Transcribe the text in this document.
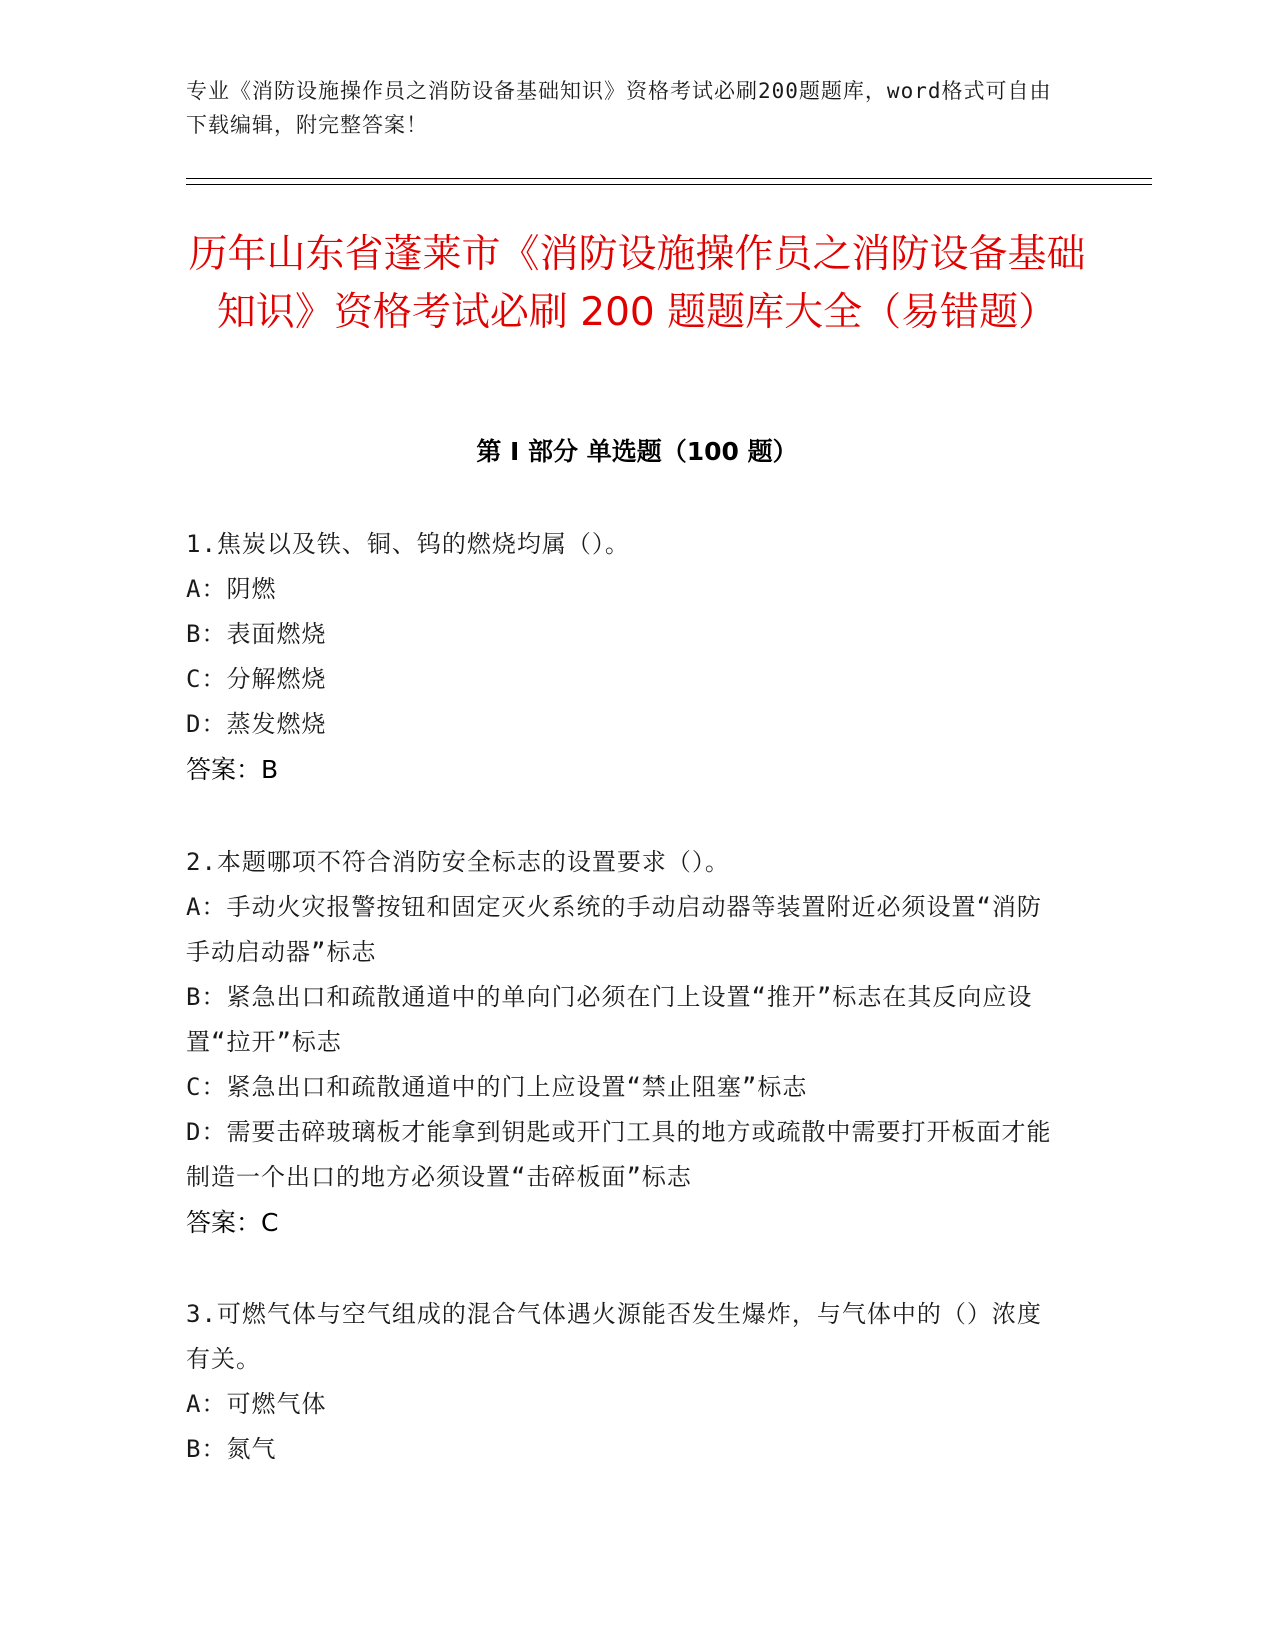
专业《消防设施操作员之消防设备基础知识》资格考试必刷200题题库，word格式可自由下载编辑，附完整答案！
历年山东省蓬莱市《消防设施操作员之消防设备基础知识》资格考试必刷 200 题题库大全（易错题）
第 I 部分 单选题（100 题）

1.焦炭以及铁、铜、钨的燃烧均属（）。

A：阴燃

B：表面燃烧

C：分解燃烧

D：蒸发燃烧

答案：B

2.本题哪项不符合消防安全标志的设置要求（）。

A：手动火灾报警按钮和固定灭火系统的手动启动器等装置附近必须设置“消防手动启动器”标志

B：紧急出口和疏散通道中的单向门必须在门上设置“推开”标志在其反向应设置“拉开”标志

C：紧急出口和疏散通道中的门上应设置“禁止阻塞”标志

D：需要击碎玻璃板才能拿到钥匙或开门工具的地方或疏散中需要打开板面才能制造一个出口的地方必须设置“击碎板面”标志

答案：C

3.可燃气体与空气组成的混合气体遇火源能否发生爆炸，与气体中的（）浓度有关。

A：可燃气体

B：氮气
